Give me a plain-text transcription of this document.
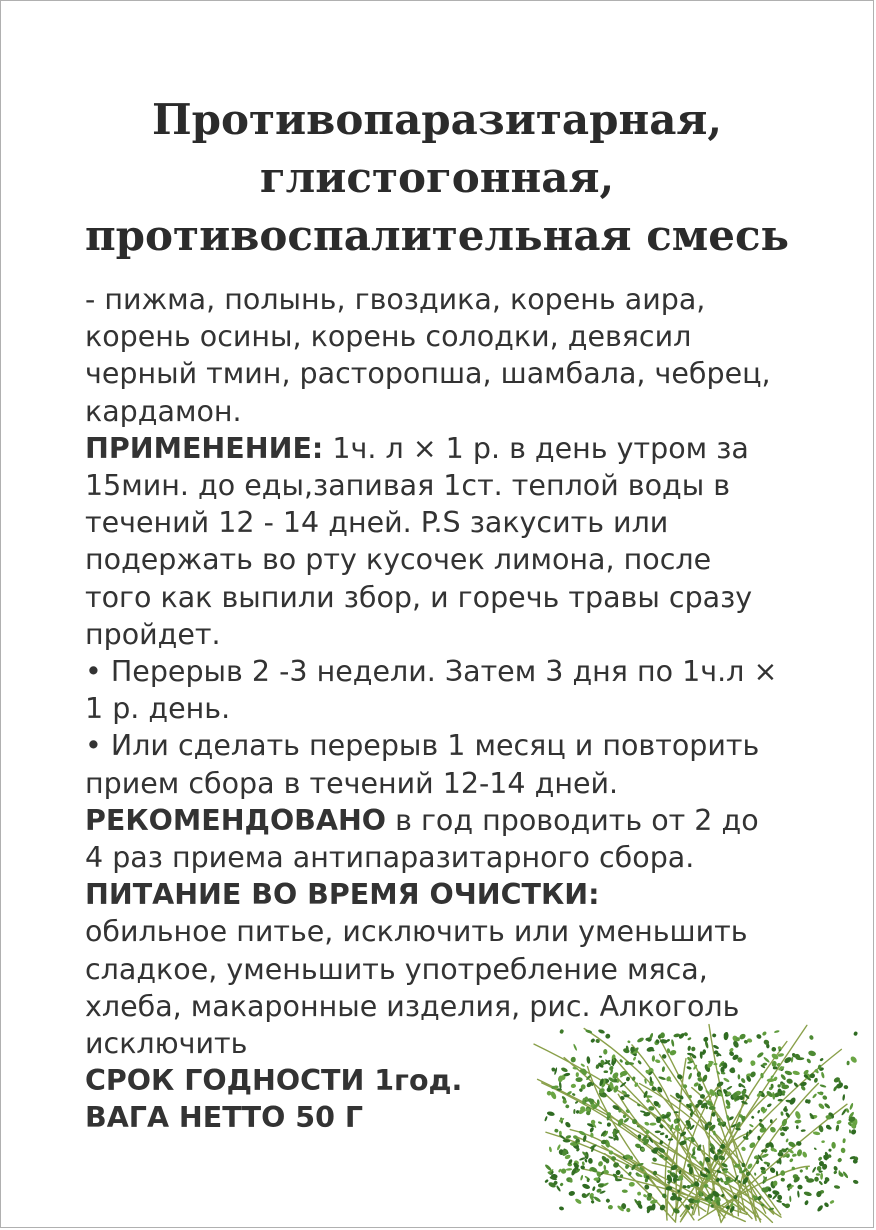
Противопаразитарная,
глистогонная,
противоспалительная смесь
- пижма, полынь, гвоздика, корень аира,
корень осины, корень солодки, девясил
черный тмин, расторопша, шамбала, чебрец,
кардамон.
ПРИМЕНЕНИЕ: 1ч. л × 1 р. в день утром за
15мин. до еды,запивая 1ст. теплой воды в
течений 12 - 14 дней. P.S закусить или
подержать во рту кусочек лимона, после
того как выпили збор, и горечь травы сразу
пройдет.
• Перерыв 2 -3 недели. Затем 3 дня по 1ч.л ×
1 р. день.
• Или сделать перерыв 1 месяц и повторить
прием сбора в течений 12-14 дней.
РЕКОМЕНДОВАНО в год проводить от 2 до
4 раз приема антипаразитарного сбора.
ПИТАНИЕ ВО ВРЕМЯ ОЧИСТКИ:
обильное питье, исключить или уменьшить
сладкое, уменьшить употребление мяса,
хлеба, макаронные изделия, рис. Алкоголь
исключить
СРОК ГОДНОСТИ 1год.
ВАГА НЕТТО 50 Г
